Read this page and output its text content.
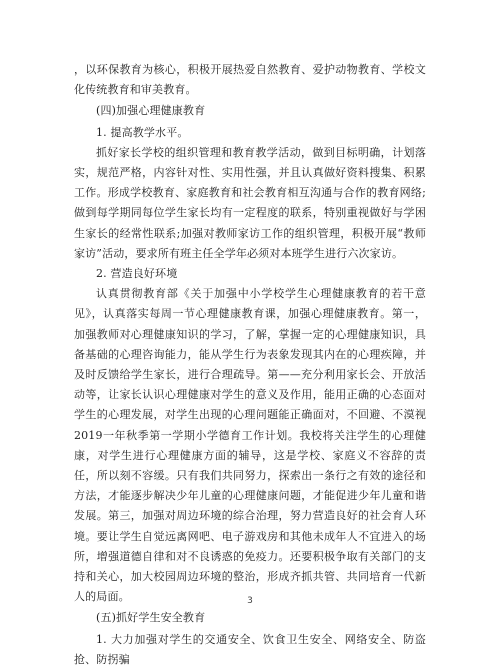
，以环保教育为核心，积极开展热爱自然教育、爱护动物教育、学校文化传统教育和审美教育。

(四)加强心理健康教育

1. 提高教学水平。

抓好家长学校的组织管理和教育教学活动，做到目标明确，计划落实，规范严格，内容针对性、实用性强，并且认真做好资料搜集、积累工作。形成学校教育、家庭教育和社会教育相互沟通与合作的教育网络;做到每学期同每位学生家长均有一定程度的联系，特别重视做好与学困生家长的经常性联系;加强对教师家访工作的组织管理，积极开展“教师家访”活动，要求所有班主任全学年必须对本班学生进行六次家访。

2. 营造良好环境

认真贯彻教育部《关于加强中小学校学生心理健康教育的若干意见》，认真落实每周一节心理健康教育课，加强心理健康教育。第一， 加强教师对心理健康知识的学习，了解，掌握一定的心理健康知识，具备基础的心理咨询能力，能从学生行为表象发现其内在的心理疾障，并及时反馈给学生家长，进行合理疏导。第——充分利用家长会、开放活动等，让家长认识心理健康对学生的意义及作用，能用正确的心态面对学生的心理发展，对学生出现的心理问题能正确面对，不回避、不漠视 2019一年秋季第一学期小学德育工作计划。我校将关注学生的心理健康，对学生进行心理健康方面的辅导，这是学校、家庭义不容辞的责任，所以刻不容缓。只有我们共同努力，探索出一条行之有效的途径和方法，才能逐步解决少年儿童的心理健康问题，才能促进少年儿童和谐发展。第三，加强对周边环境的综合治理，努力营造良好的社会育人环境。要让学生自觉远离网吧、电子游戏房和其他未成年人不宜进入的场所，增强道德自律和对不良诱惑的免疫力。还要积极争取有关部门的支持和关心，加大校园周边环境的整治，形成齐抓共管、共同培育一代新人的局面。

(五)抓好学生安全教育

1. 大力加强对学生的交通安全、饮食卫生安全、网络安全、防盗抢、防拐骗

3
